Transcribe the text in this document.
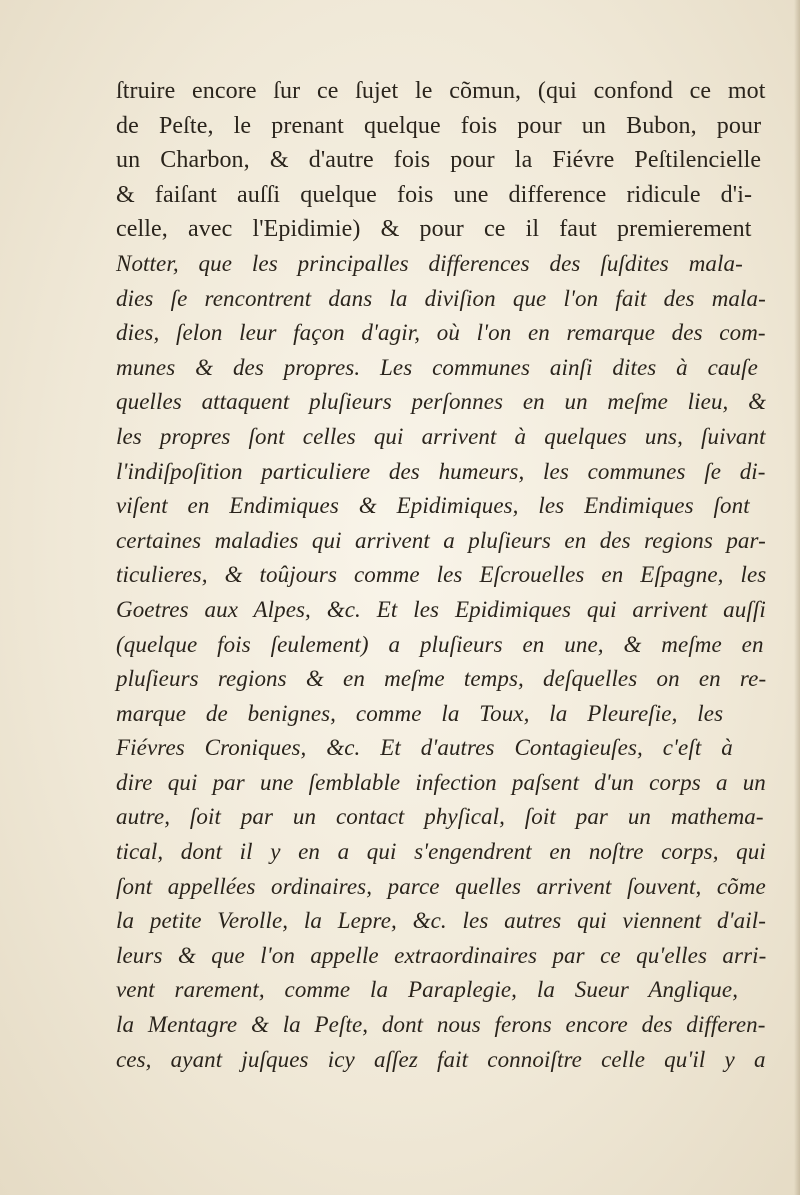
ſtruire encore ſur ce ſujet le cõmun, (qui confond ce mot
de Peſte, le prenant quelque fois pour un Bubon, pour
un Charbon, & d'autre fois pour la Fiévre Peſtilencielle
& faiſant auſſi quelque fois une difference ridicule d'i-
celle, avec l'Epidimie) & pour ce il faut premierement
Notter, que les principalles differences des ſuſdites mala-
dies ſe rencontrent dans la diviſion que l'on fait des mala-
dies, ſelon leur façon d'agir, où l'on en remarque des com-
munes & des propres. Les communes ainſi dites à cauſe
quelles attaquent pluſieurs perſonnes en un meſme lieu, &
les propres ſont celles qui arrivent à quelques uns, ſuivant
l'indiſpoſition particuliere des humeurs, les communes ſe di-
viſent en Endimiques & Epidimiques, les Endimiques ſont
certaines maladies qui arrivent a pluſieurs en des regions par-
ticulieres, & toûjours comme les Eſcrouelles en Eſpagne, les
Goetres aux Alpes, &c. Et les Epidimiques qui arrivent auſſi
(quelque fois ſeulement) a pluſieurs en une, & meſme en
pluſieurs regions & en meſme temps, deſquelles on en re-
marque de benignes, comme la Toux, la Pleureſie, les
Fiévres Croniques, &c. Et d'autres Contagieuſes, c'eſt à
dire qui par une ſemblable infection paſsent d'un corps a un
autre, ſoit par un contact phyſical, ſoit par un mathema-
tical, dont il y en a qui s'engendrent en noſtre corps, qui
ſont appellées ordinaires, parce quelles arrivent ſouvent, cõme
la petite Verolle, la Lepre, &c. les autres qui viennent d'ail-
leurs & que l'on appelle extraordinaires par ce qu'elles arri-
vent rarement, comme la Paraplegie, la Sueur Anglique,
la Mentagre & la Peſte, dont nous ferons encore des differen-
ces, ayant juſques icy aſſez fait connoiſtre celle qu'il y a
